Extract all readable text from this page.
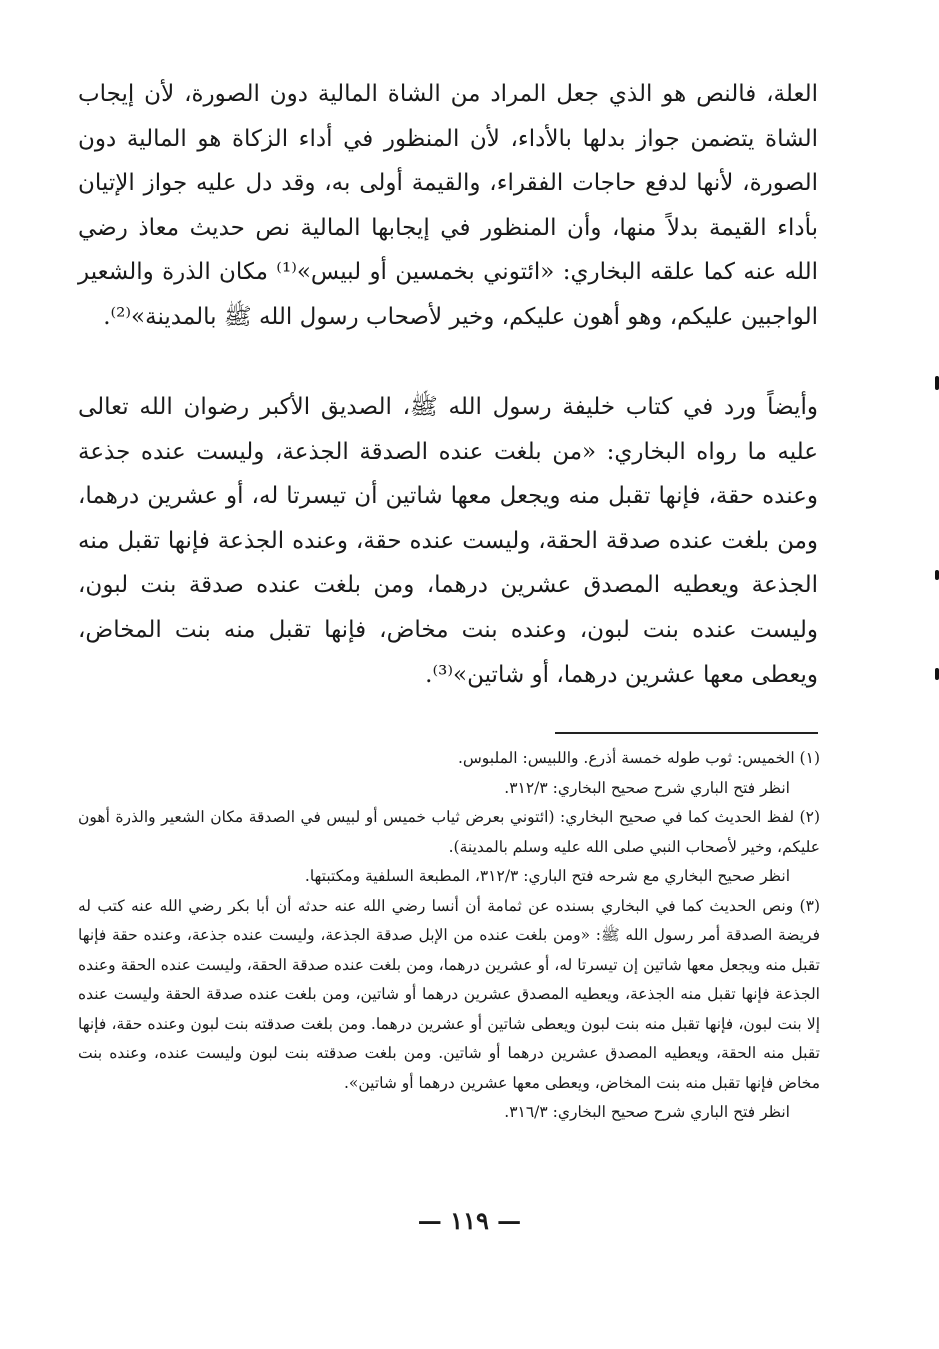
العلة، فالنص هو الذي جعل المراد من الشاة المالية دون الصورة، لأن إيجاب الشاة يتضمن جواز بدلها بالأداء، لأن المنظور في أداء الزكاة هو المالية دون الصورة، لأنها لدفع حاجات الفقراء، والقيمة أولى به، وقد دل عليه جواز الإتيان بأداء القيمة بدلاً منها، وأن المنظور في إيجابها المالية نص حديث معاذ رضي الله عنه كما علقه البخاري: «ائتوني بخمسين أو لبيس»⁽¹⁾ مكان الذرة والشعير الواجبين عليكم، وهو أهون عليكم، وخير لأصحاب رسول الله ﷺ بالمدينة»⁽²⁾.

وأيضاً ورد في كتاب خليفة رسول الله ﷺ، الصديق الأكبر رضوان الله تعالى عليه ما رواه البخاري: «من بلغت عنده الصدقة الجذعة، وليست عنده جذعة وعنده حقة، فإنها تقبل منه ويجعل معها شاتين أن تيسرتا له، أو عشرين درهما، ومن بلغت عنده صدقة الحقة، وليست عنده حقة، وعنده الجذعة فإنها تقبل منه الجذعة ويعطيه المصدق عشرين درهما، ومن بلغت عنده صدقة بنت لبون، وليست عنده بنت لبون، وعنده بنت مخاض، فإنها تقبل منه بنت المخاض، ويعطى معها عشرين درهما، أو شاتين»⁽³⁾.

(١) الخميس: ثوب طوله خمسة أذرع. واللبيس: الملبوس.

انظر فتح الباري شرح صحيح البخاري: ٣١٢/٣.

(٢) لفظ الحديث كما في صحيح البخاري: (ائتوني بعرض ثياب خميس أو لبيس في الصدقة مكان الشعير والذرة أهون عليكم، وخير لأصحاب النبي صلى الله عليه وسلم بالمدينة).

انظر صحيح البخاري مع شرحه فتح الباري: ٣١٢/٣، المطبعة السلفية ومكتبتها.

(٣) ونص الحديث كما في البخاري بسنده عن ثمامة أن أنسا رضي الله عنه حدثه أن أبا بكر رضي الله عنه كتب له فريضة الصدقة أمر رسول الله ﷺ: «ومن بلغت عنده من الإبل صدقة الجذعة، وليست عنده جذعة، وعنده حقة فإنها تقبل منه ويجعل معها شاتين إن تيسرتا له، أو عشرين درهما، ومن بلغت عنده صدقة الحقة، وليست عنده الحقة وعنده الجذعة فإنها تقبل منه الجذعة، ويعطيه المصدق عشرين درهما أو شاتين، ومن بلغت عنده صدقة الحقة وليست عنده إلا بنت لبون، فإنها تقبل منه بنت لبون ويعطى شاتين أو عشرين درهما. ومن بلغت صدقته بنت لبون وعنده حقة، فإنها تقبل منه الحقة، ويعطيه المصدق عشرين درهما أو شاتين. ومن بلغت صدقته بنت لبون وليست عنده، وعنده بنت مخاض فإنها تقبل منه بنت المخاض، ويعطى معها عشرين درهما أو شاتين».

انظر فتح الباري شرح صحيح البخاري: ٣١٦/٣.

— ١١٩ —
